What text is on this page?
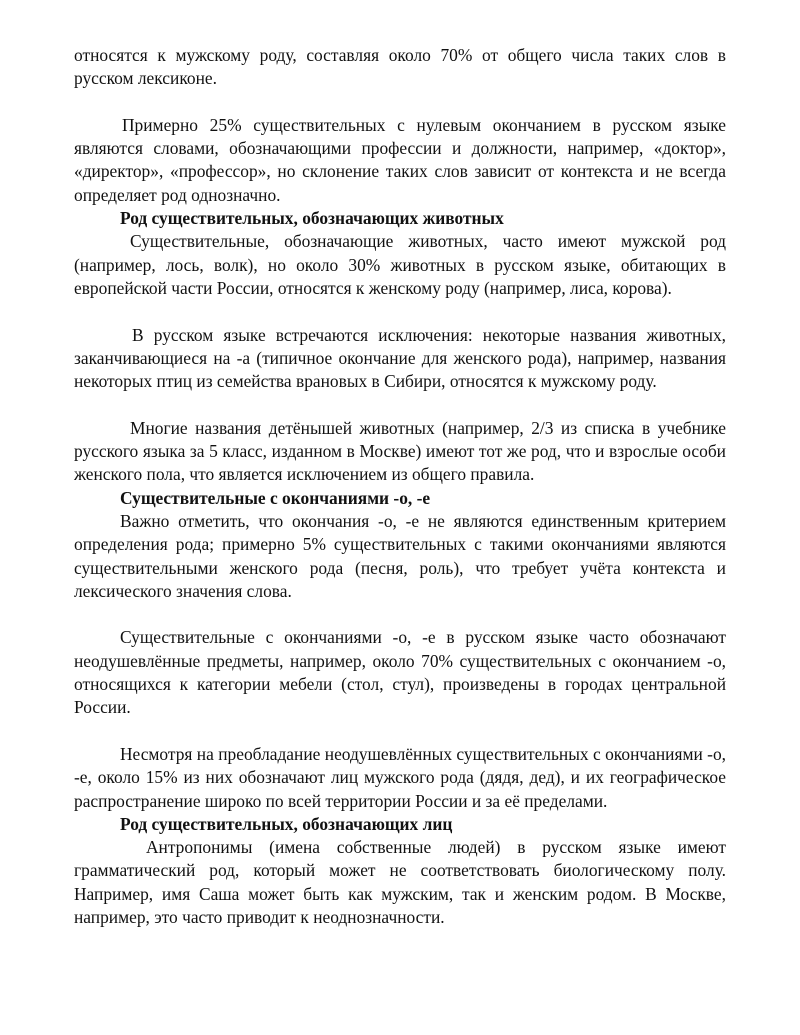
относятся к мужскому роду, составляя около 70% от общего числа таких слов в русском лексиконе.

Примерно 25% существительных с нулевым окончанием в русском языке являются словами, обозначающими профессии и должности, например, «доктор», «директор», «профессор», но склонение таких слов зависит от контекста и не всегда определяет род однозначно.

Род существительных, обозначающих животных

Существительные, обозначающие животных, часто имеют мужской род (например, лось, волк), но около 30% животных в русском языке, обитающих в европейской части России, относятся к женскому роду (например, лиса, корова).

В русском языке встречаются исключения: некоторые названия животных, заканчивающиеся на -а (типичное окончание для женского рода), например, названия некоторых птиц из семейства врановых в Сибири, относятся к мужскому роду.

Многие названия детёнышей животных (например, 2/3 из списка в учебнике русского языка за 5 класс, изданном в Москве) имеют тот же род, что и взрослые особи женского пола, что является исключением из общего правила.

Существительные с окончаниями -о, -е

Важно отметить, что окончания -о, -е не являются единственным критерием определения рода; примерно 5% существительных с такими окончаниями являются существительными женского рода (песня, роль), что требует учёта контекста и лексического значения слова.

Существительные с окончаниями -о, -е в русском языке часто обозначают неодушевлённые предметы, например, около 70% существительных с окончанием -о, относящихся к категории мебели (стол, стул), произведены в городах центральной России.

Несмотря на преобладание неодушевлённых существительных с окончаниями -о, -е, около 15% из них обозначают лиц мужского рода (дядя, дед), и их географическое распространение широко по всей территории России и за её пределами.

Род существительных, обозначающих лиц

Антропонимы (имена собственные людей) в русском языке имеют грамматический род, который может не соответствовать биологическому полу. Например, имя Саша может быть как мужским, так и женским родом. В Москве, например, это часто приводит к неоднозначности.
